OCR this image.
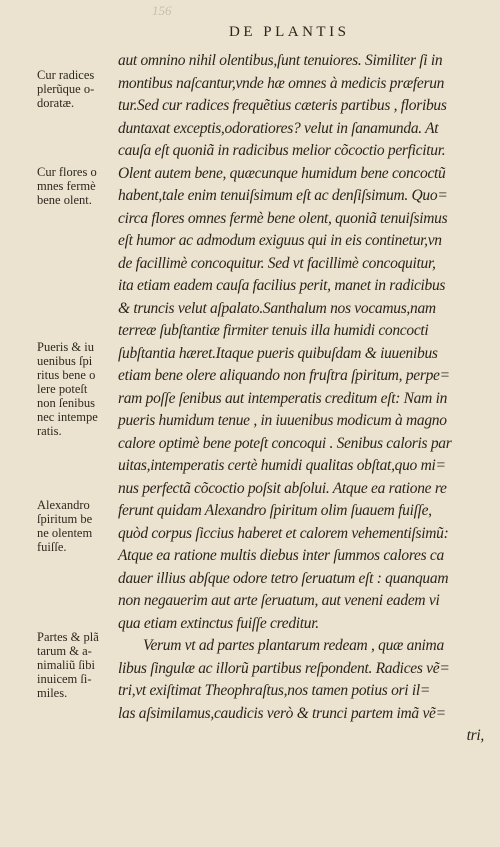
156
DE PLANTIS
aut omnino nihil olentibus,ſunt tenuiores. Similiter ſi in
montibus naſcantur,vnde hæ omnes à medicis præferun
tur.Sed cur radices frequẽtius cæteris partibus , floribus
duntaxat exceptis,odoratiores? velut in ſanamunda. At
cauſa eſt quoniã in radicibus melior cõcoctio perficitur.
Olent autem bene, quæcunque humidum bene concoctũ
habent,tale enim tenuiſsimum eſt ac denſiſsimum. Quo=
circa flores omnes fermè bene olent, quoniã tenuiſsimus
eſt humor ac admodum exiguus qui in eis continetur,vn
de facillimè concoquitur. Sed vt facillimè concoquitur,
ita etiam eadem cauſa facilius perit, manet in radicibus
& truncis velut aſpalato.Santhalum nos vocamus,nam
terreæ ſubſtantiæ firmiter tenuis illa humidi concocti
ſubſtantia hæret.Itaque pueris quibuſdam & iuuenibus
etiam bene olere aliquando non fruſtra ſpiritum, perpe=
ram poſſe ſenibus aut intemperatis creditum eſt: Nam in
pueris humidum tenue , in iuuenibus modicum à magno
calore optimè bene poteſt concoqui . Senibus caloris par
uitas,intemperatis certè humidi qualitas obſtat,quo mi=
nus perfectã cõcoctio poſsit abſolui. Atque ea ratione re
ferunt quidam Alexandro ſpiritum olim ſuauem fuiſſe,
quòd corpus ſiccius haberet et calorem vehementiſsimũ:
Atque ea ratione multis diebus inter ſummos calores ca
dauer illius abſque odore tetro ſeruatum eſt : quanquam
non negauerim aut arte ſeruatum, aut veneni eadem vi
qua etiam extinctus fuiſſe creditur.
Verum vt ad partes plantarum redeam , quæ anima
libus ſingulæ ac illorũ partibus reſpondent. Radices vẽ=
tri,vt exiſtimat Theophraſtus,nos tamen potius ori il=
las aſsimilamus,caudicis verò & trunci partem imã vẽ=
tri,
Cur radices
plerũque o-
doratæ.
Cur flores o
mnes fermè
bene olent.
Pueris & iu
uenibus ſpi
ritus bene o
lere poteſt
non ſenibus
nec intempe
ratis.
Alexandro
ſpiritum be
ne olentem
fuiſſe.
Partes & plã
tarum & a-
nimaliũ ſibi
inuicem ſi-
miles.
